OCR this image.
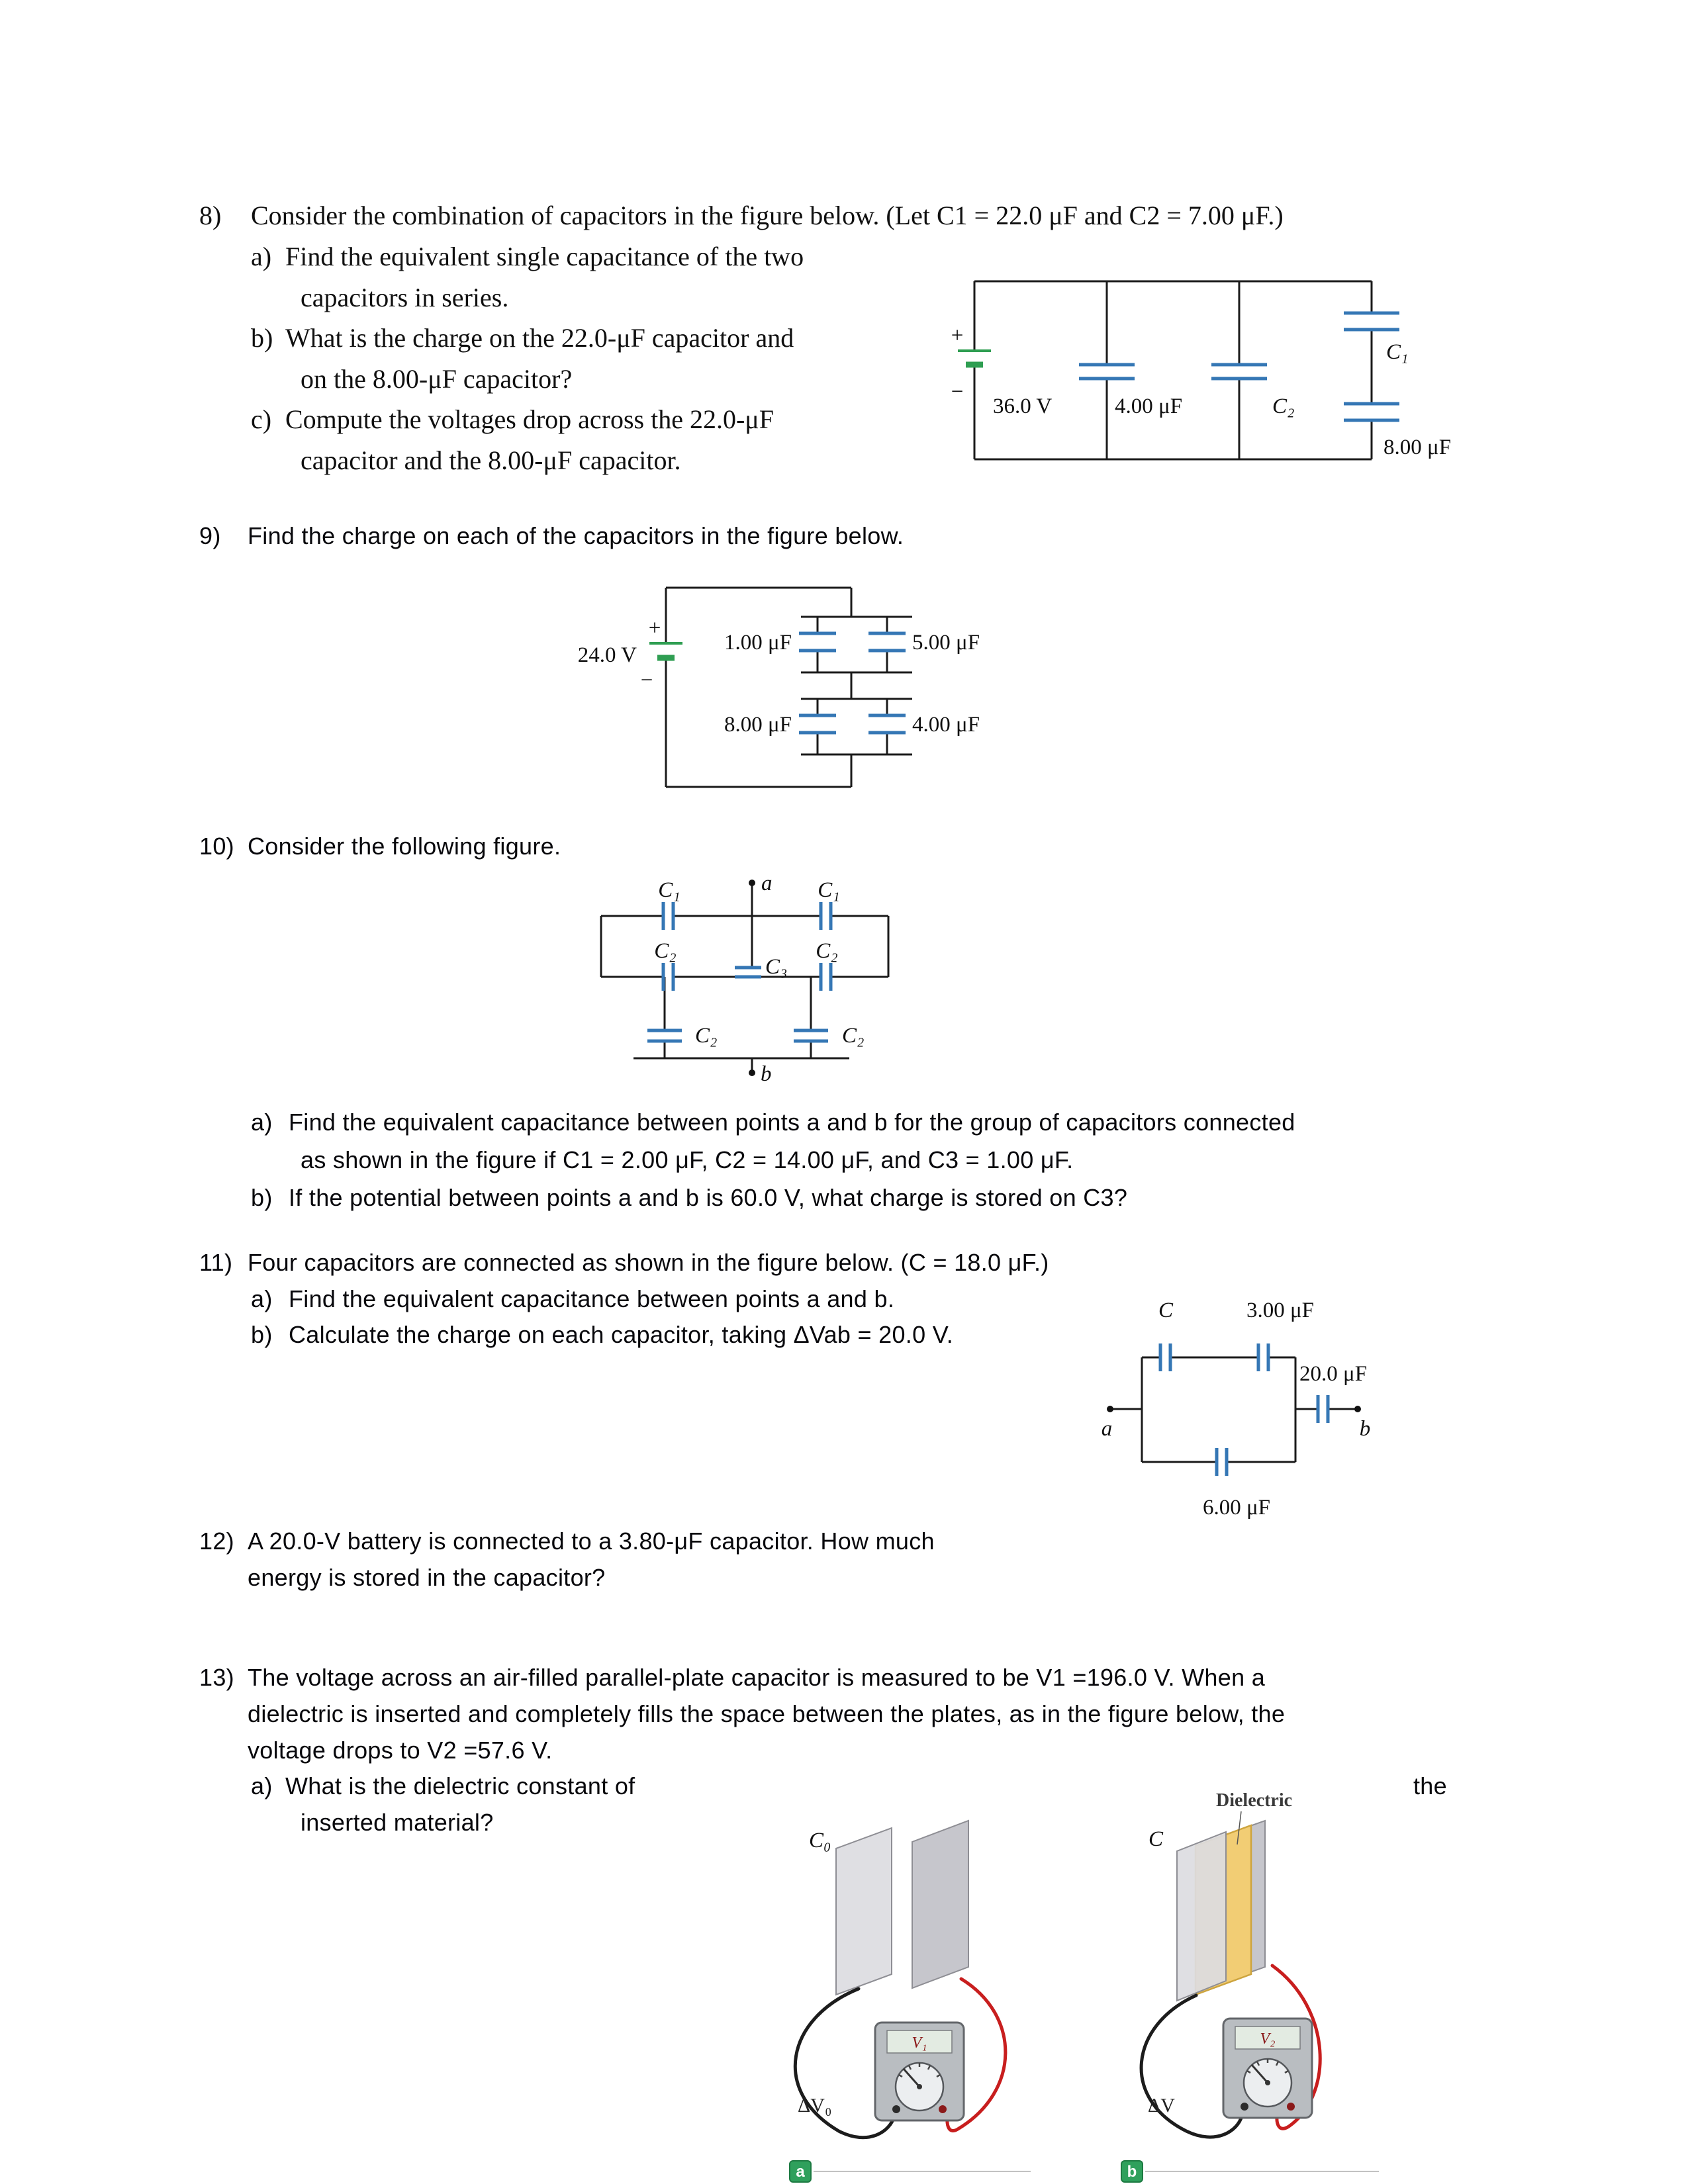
8) Consider the combination of capacitors in the figure below. (Let C1 = 22.0 μF and C2 = 7.00 μF.)
a) Find the equivalent single capacitance of the two
capacitors in series.
b) What is the charge on the 22.0-μF capacitor and
on the 8.00-μF capacitor?
c) Compute the voltages drop across the 22.0-μF
capacitor and the 8.00-μF capacitor.
+
−
36.0 V	4.00 μF	C₂
C₁
8.00 μF
9) Find the charge on each of the capacitors in the figure below.
+
−
24.0 V
1.00 μF	5.00 μF
8.00 μF	4.00 μF
10) Consider the following figure.
a
C₁	C₁
C₂	C₂
C₃
C₂	C₂
b
a) Find the equivalent capacitance between points a and b for the group of capacitors connected
as shown in the figure if C1 = 2.00 μF, C2 = 14.00 μF, and C3 = 1.00 μF.
b) If the potential between points a and b is 60.0 V, what charge is stored on C3?
11) Four capacitors are connected as shown in the figure below. (C = 18.0 μF.)
a) Find the equivalent capacitance between points a and b.
b) Calculate the charge on each capacitor, taking ΔVab = 20.0 V.
C	3.00 μF
20.0 μF
6.00 μF
a	b
12) A 20.0-V battery is connected to a 3.80-μF capacitor. How much
energy is stored in the capacitor?
13) The voltage across an air-filled parallel-plate capacitor is measured to be V1 =196.0 V. When a
dielectric is inserted and completely fills the space between the plates, as in the figure below, the
voltage drops to V2 =57.6 V.
a) What is the dielectric constant of	the
inserted material?
V₁
C₀
ΔV₀
a
V₂
Dielectric
C
ΔV
b
